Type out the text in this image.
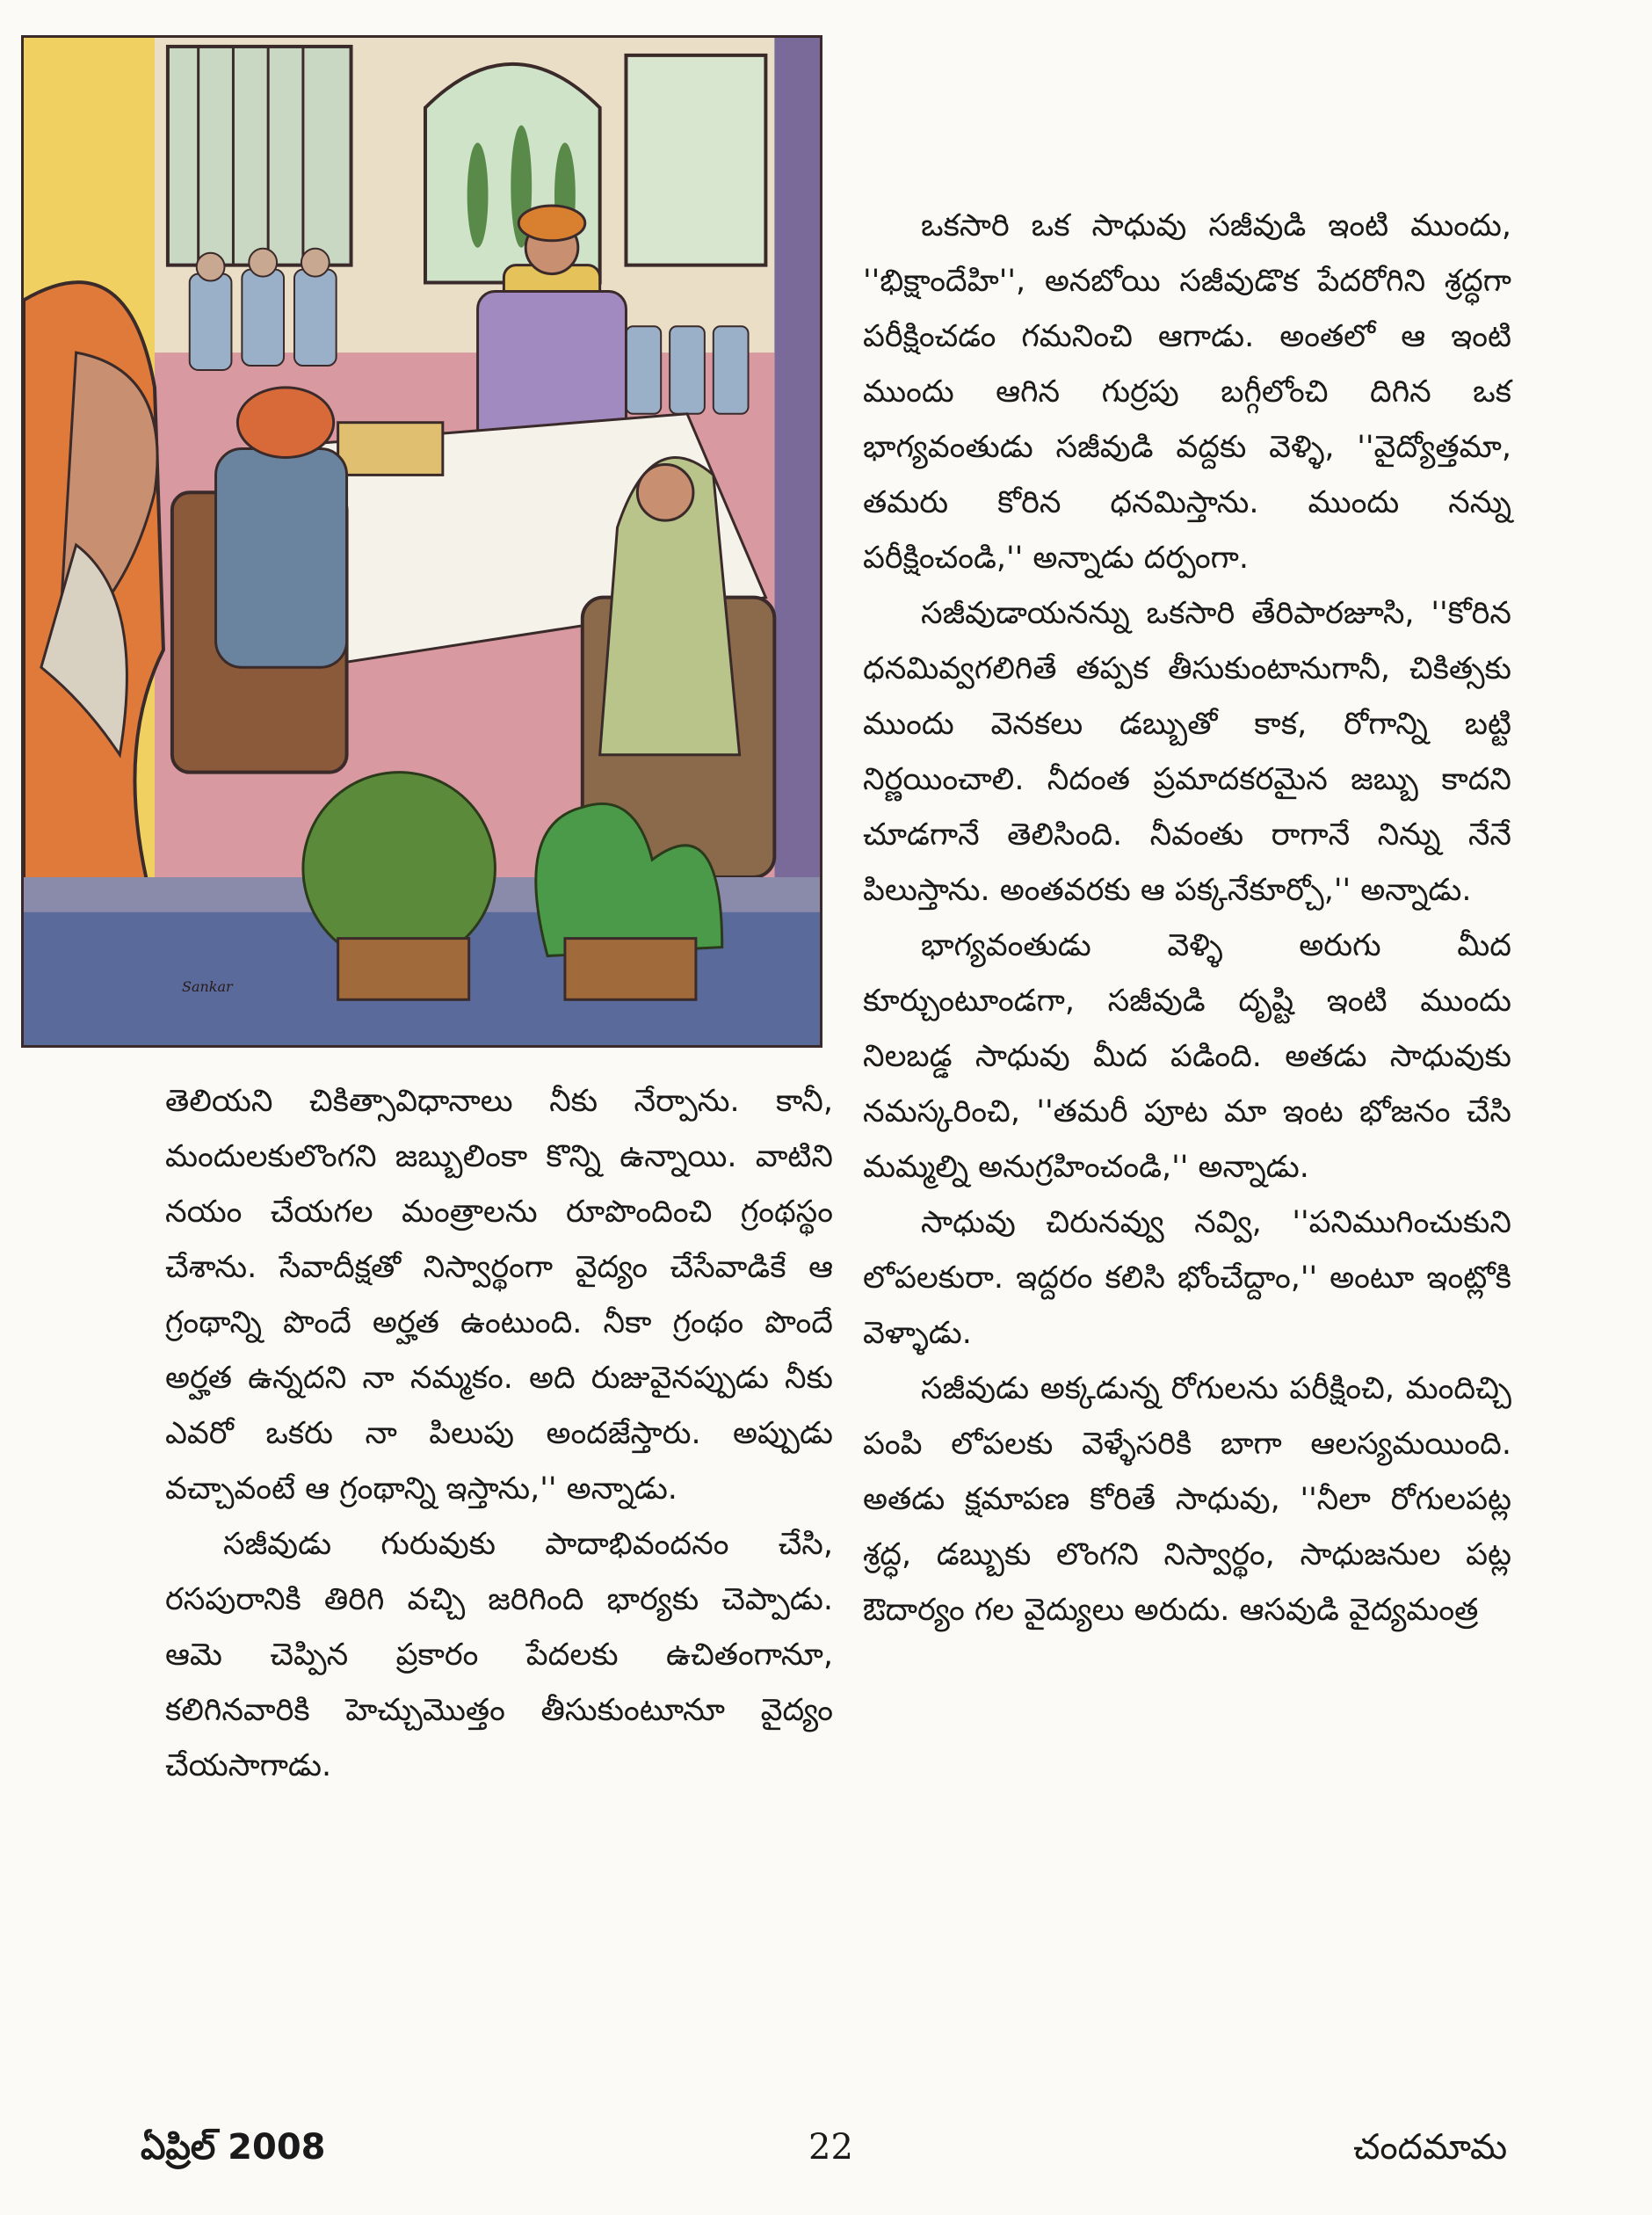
Sankar

తెలియని చికిత్సావిధానాలు నీకు నేర్పాను. కానీ, మందులకులొంగని జబ్బులింకా కొన్ని ఉన్నాయి. వాటిని నయం చేయగల మంత్రాలను రూపొందించి గ్రంథస్థం చేశాను. సేవాదీక్షతో నిస్వార్థంగా వైద్యం చేసేవాడికే ఆ గ్రంథాన్ని పొందే అర్హత ఉంటుంది. నీకా గ్రంథం పొందే అర్హత ఉన్నదని నా నమ్మకం. అది రుజువైనప్పుడు నీకు ఎవరో ఒకరు నా పిలుపు అందజేస్తారు. అప్పుడు వచ్చావంటే ఆ గ్రంథాన్ని ఇస్తాను,'' అన్నాడు.

సజీవుడు గురువుకు పాదాభివందనం చేసి, రసపురానికి తిరిగి వచ్చి జరిగింది భార్యకు చెప్పాడు. ఆమె చెప్పిన ప్రకారం పేదలకు ఉచితంగానూ, కలిగినవారికి హెచ్చుమొత్తం తీసుకుంటూనూ వైద్యం చేయసాగాడు.

ఒకసారి ఒక సాధువు సజీవుడి ఇంటి ముందు, ''భిక్షాందేహి'', అనబోయి సజీవుడొక పేదరోగిని శ్రద్ధగా పరీక్షించడం గమనించి ఆగాడు. అంతలో ఆ ఇంటి ముందు ఆగిన గుర్రపు బగ్గీలోంచి దిగిన ఒక భాగ్యవంతుడు సజీవుడి వద్దకు వెళ్ళి, ''వైద్యోత్తమా, తమరు కోరిన ధనమిస్తాను. ముందు నన్ను పరీక్షించండి,'' అన్నాడు దర్పంగా.

సజీవుడాయనన్ను ఒకసారి తేరిపారజూసి, ''కోరిన ధనమివ్వగలిగితే తప్పక తీసుకుంటానుగానీ, చికిత్సకు ముందు వెనకలు డబ్బుతో కాక, రోగాన్ని బట్టి నిర్ణయించాలి. నీదంత ప్రమాదకరమైన జబ్బు కాదని చూడగానే తెలిసింది. నీవంతు రాగానే నిన్ను నేనే పిలుస్తాను. అంతవరకు ఆ పక్కనేకూర్చో,'' అన్నాడు.

భాగ్యవంతుడు వెళ్ళి అరుగు మీద కూర్చుంటూండగా, సజీవుడి దృష్టి ఇంటి ముందు నిలబడ్డ సాధువు మీద పడింది. అతడు సాధువుకు నమస్కరించి, ''తమరీ పూట మా ఇంట భోజనం చేసి మమ్మల్ని అనుగ్రహించండి,'' అన్నాడు.

సాధువు చిరునవ్వు నవ్వి, ''పనిముగించుకుని లోపలకురా. ఇద్దరం కలిసి భోంచేద్దాం,'' అంటూ ఇంట్లోకి వెళ్ళాడు.

సజీవుడు అక్కడున్న రోగులను పరీక్షించి, మందిచ్చి పంపి లోపలకు వెళ్ళేసరికి బాగా ఆలస్యమయింది. అతడు క్షమాపణ కోరితే సాధువు, ''నీలా రోగులపట్ల శ్రద్ధ, డబ్బుకు లొంగని నిస్వార్థం, సాధుజనుల పట్ల ఔదార్యం గల వైద్యులు అరుదు. ఆసవుడి వైద్యమంత్ర

ఏప్రిల్ 2008	22	చందమామ
